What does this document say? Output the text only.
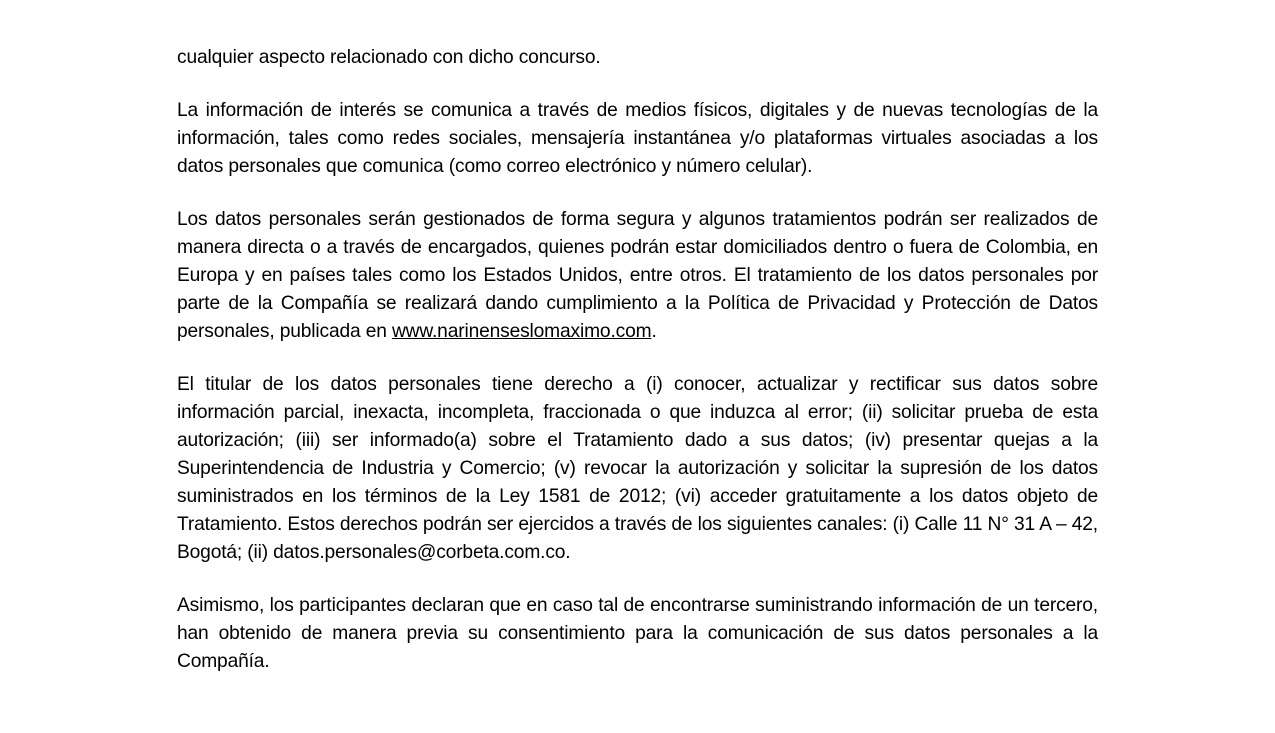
cualquier aspecto relacionado con dicho concurso.

La información de interés se comunica a través de medios físicos, digitales y de nuevas tecnologías de la información, tales como redes sociales, mensajería instantánea y/o plataformas virtuales asociadas a los datos personales que comunica (como correo electrónico y número celular).

Los datos personales serán gestionados de forma segura y algunos tratamientos podrán ser realizados de manera directa o a través de encargados, quienes podrán estar domiciliados dentro o fuera de Colombia, en Europa y en países tales como los Estados Unidos, entre otros. El tratamiento de los datos personales por parte de la Compañía se realizará dando cumplimiento a la Política de Privacidad y Protección de Datos personales, publicada en www.narinenseslomaximo.com.

El titular de los datos personales tiene derecho a (i) conocer, actualizar y rectificar sus datos sobre información parcial, inexacta, incompleta, fraccionada o que induzca al error; (ii) solicitar prueba de esta autorización; (iii) ser informado(a) sobre el Tratamiento dado a sus datos; (iv) presentar quejas a la Superintendencia de Industria y Comercio; (v) revocar la autorización y solicitar la supresión de los datos suministrados en los términos de la Ley 1581 de 2012; (vi) acceder gratuitamente a los datos objeto de Tratamiento. Estos derechos podrán ser ejercidos a través de los siguientes canales: (i) Calle 11 N° 31 A – 42, Bogotá; (ii) datos.personales@corbeta.com.co.

Asimismo, los participantes declaran que en caso tal de encontrarse suministrando información de un tercero, han obtenido de manera previa su consentimiento para la comunicación de sus datos personales a la Compañía.
